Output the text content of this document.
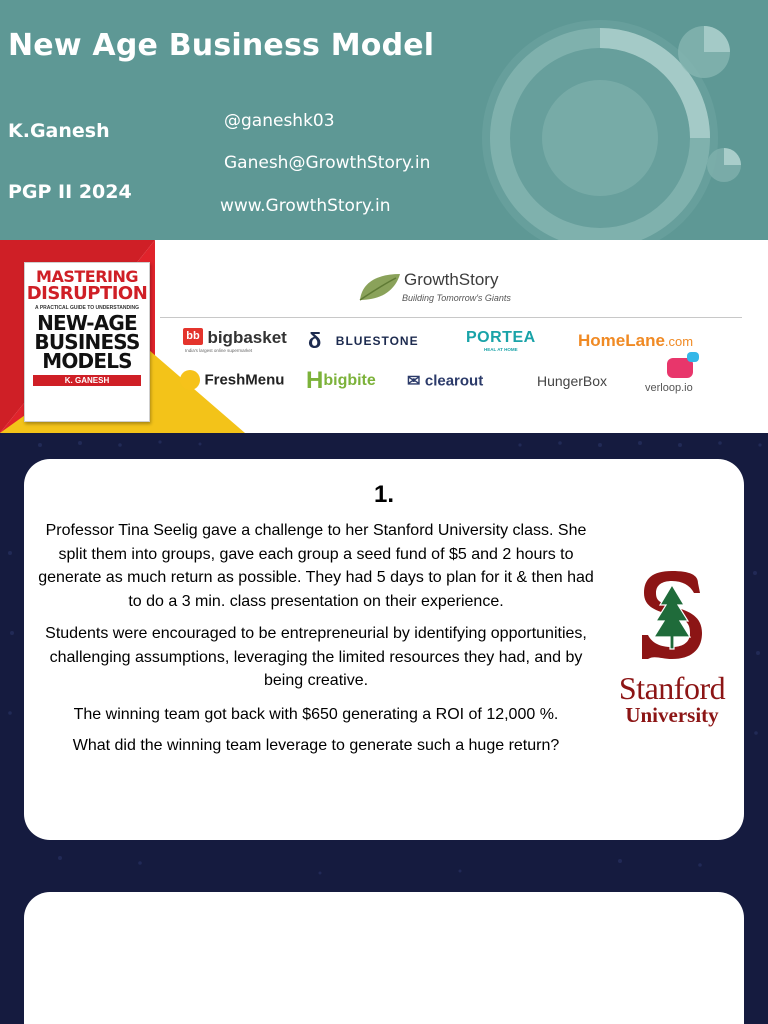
New Age Business Model
K.Ganesh
PGP II 2024
@ganeshk03
Ganesh@GrowthStory.in
www.GrowthStory.in
MASTERING
DISRUPTION
A PRACTICAL GUIDE TO UNDERSTANDING
NEW-AGE
BUSINESS
MODELS
K. GANESH
GrowthStory
Building Tomorrow's Giants
bb bigbasket
India's largest online supermarket	δ BLUESTONE	PORTEA
HEAL AT HOME	HomeLane.com
FreshMenu Hbigbite ✉ clearout	HungerBox	verloop.io
1.
Professor Tina Seelig gave a challenge to her Stanford University class. She split them into groups, gave each group a seed fund of $5 and 2 hours to generate as much return as possible. They had 5 days to plan for it & then had to do a 3 min. class presentation on their experience.
Students were encouraged to be entrepreneurial by identifying opportunities, challenging assumptions, leveraging the limited resources they had, and by being creative.
The winning team got back with $650 generating a ROI of 12,000 %.
What did the winning team leverage to generate such a huge return?
Stanford
University
